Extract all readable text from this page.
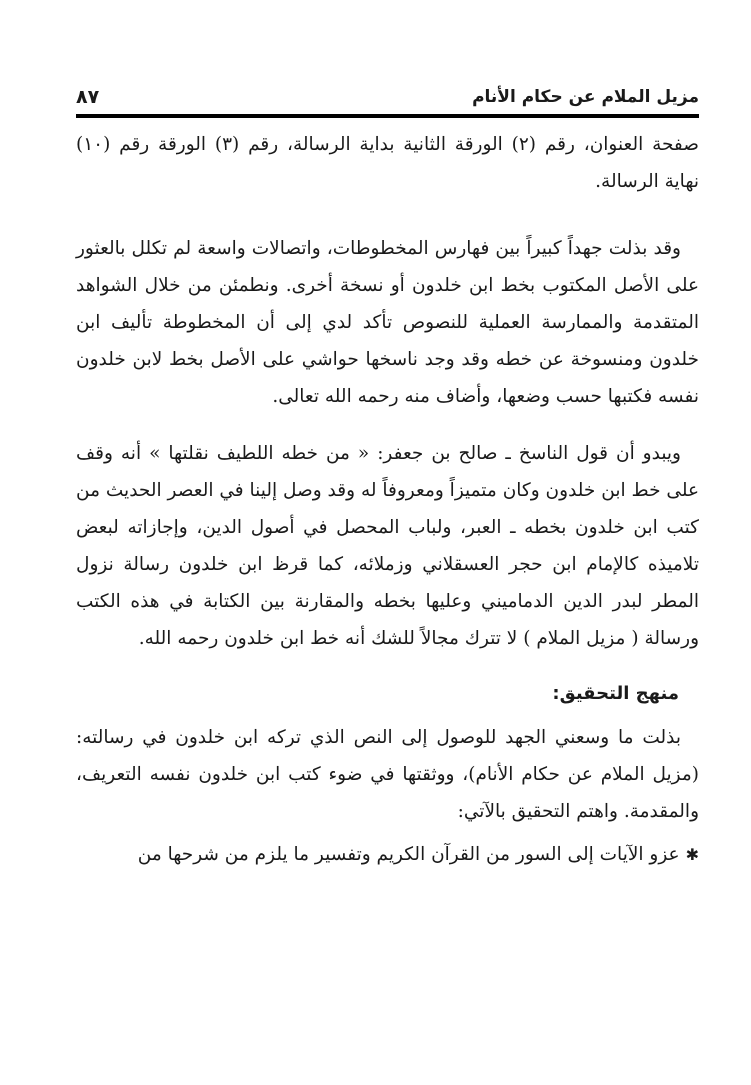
مزيل الملام عن حكام الأنام
٨٧

صفحة العنوان، رقم (٢) الورقة الثانية بداية الرسالة، رقم (٣) الورقة رقم (١٠) نهاية الرسالة.

وقد بذلت جهداً كبيراً بين فهارس المخطوطات، واتصالات واسعة لم تكلل بالعثور على الأصل المكتوب بخط ابن خلدون أو نسخة أخرى. ونطمئن من خلال الشواهد المتقدمة والممارسة العملية للنصوص تأكد لدي إلى أن المخطوطة تأليف ابن خلدون ومنسوخة عن خطه وقد وجد ناسخها حواشي على الأصل بخط لابن خلدون نفسه فكتبها حسب وضعها، وأضاف منه رحمه الله تعالى.

ويبدو أن قول الناسخ ـ صالح بن جعفر: « من خطه اللطيف نقلتها » أنه وقف على خط ابن خلدون وكان متميزاً ومعروفاً له وقد وصل إلينا في العصر الحديث من كتب ابن خلدون بخطه ـ العبر، ولباب المحصل في أصول الدين، وإجازاته لبعض تلاميذه كالإمام ابن حجر العسقلاني وزملائه، كما قرظ ابن خلدون رسالة نزول المطر لبدر الدين الدماميني وعليها بخطه والمقارنة بين الكتابة في هذه الكتب ورسالة ( مزيل الملام ) لا تترك مجالاً للشك أنه خط ابن خلدون رحمه الله.

منهج التحقيق:

بذلت ما وسعني الجهد للوصول إلى النص الذي تركه ابن خلدون في رسالته: (مزيل الملام عن حكام الأنام)، ووثقتها في ضوء كتب ابن خلدون نفسه التعريف، والمقدمة. واهتم التحقيق بالآتي:

✱عزو الآيات إلى السور من القرآن الكريم وتفسير ما يلزم من شرحها من
